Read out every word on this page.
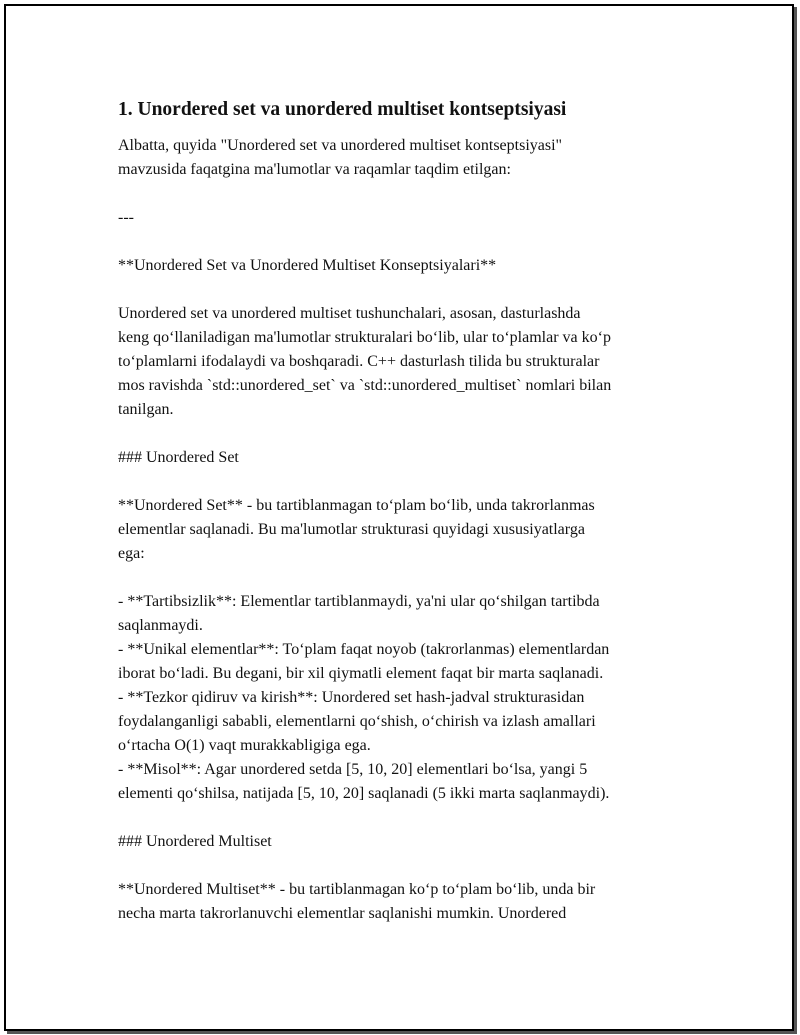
1. Unordered set va unordered multiset kontseptsiyasi

Albatta, quyida "Unordered set va unordered multiset kontseptsiyasi"
mavzusida faqatgina ma'lumotlar va raqamlar taqdim etilgan:

---

**Unordered Set va Unordered Multiset Konseptsiyalari**

Unordered set va unordered multiset tushunchalari, asosan, dasturlashda
keng qoʻllaniladigan ma'lumotlar strukturalari boʻlib, ular toʻplamlar va koʻp
toʻplamlarni ifodalaydi va boshqaradi. C++ dasturlash tilida bu strukturalar
mos ravishda `std::unordered_set` va `std::unordered_multiset` nomlari bilan
tanilgan.

### Unordered Set

**Unordered Set** - bu tartiblanmagan toʻplam boʻlib, unda takrorlanmas
elementlar saqlanadi. Bu ma'lumotlar strukturasi quyidagi xususiyatlarga
ega:

- **Tartibsizlik**: Elementlar tartiblanmaydi, ya'ni ular qoʻshilgan tartibda
saqlanmaydi.
- **Unikal elementlar**: Toʻplam faqat noyob (takrorlanmas) elementlardan
iborat boʻladi. Bu degani, bir xil qiymatli element faqat bir marta saqlanadi.
- **Tezkor qidiruv va kirish**: Unordered set hash-jadval strukturasidan
foydalanganligi sababli, elementlarni qoʻshish, oʻchirish va izlash amallari
oʻrtacha O(1) vaqt murakkabligiga ega.
- **Misol**: Agar unordered setda [5, 10, 20] elementlari boʻlsa, yangi 5
elementi qoʻshilsa, natijada [5, 10, 20] saqlanadi (5 ikki marta saqlanmaydi).

### Unordered Multiset

**Unordered Multiset** - bu tartiblanmagan koʻp toʻplam boʻlib, unda bir
necha marta takrorlanuvchi elementlar saqlanishi mumkin. Unordered
